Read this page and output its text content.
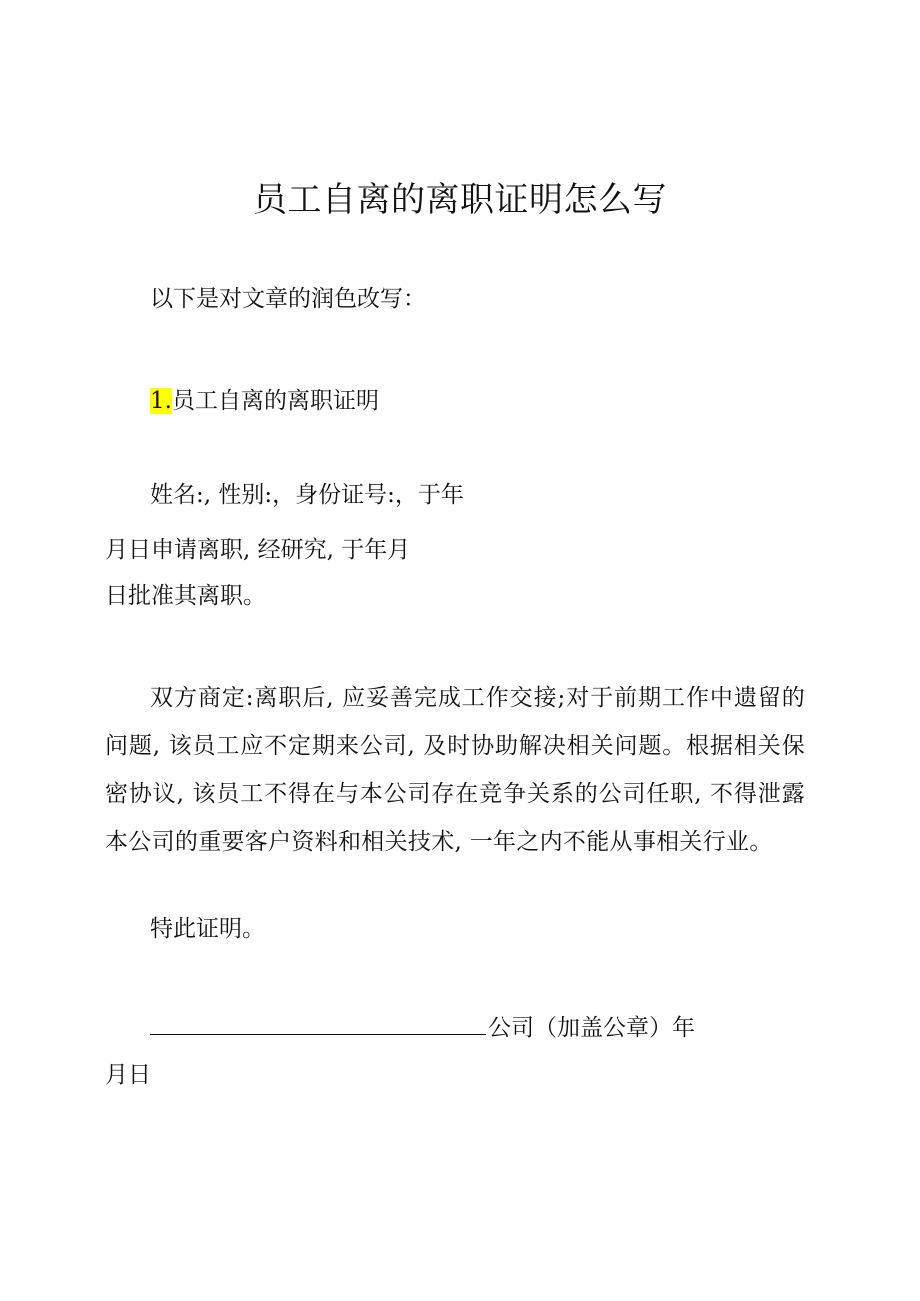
员工自离的离职证明怎么写

以下是对文章的润色改写：

1.员工自离的离职证明

姓名:, 性别:，身份证号:，于年

月日申请离职, 经研究, 于年月

日批准其离职。

双方商定:离职后, 应妥善完成工作交接;对于前期工作中遗留的问题, 该员工应不定期来公司, 及时协助解决相关问题。根据相关保密协议, 该员工不得在与本公司存在竞争关系的公司任职, 不得泄露本公司的重要客户资料和相关技术, 一年之内不能从事相关行业。

特此证明。

公司（加盖公章）年

月日
